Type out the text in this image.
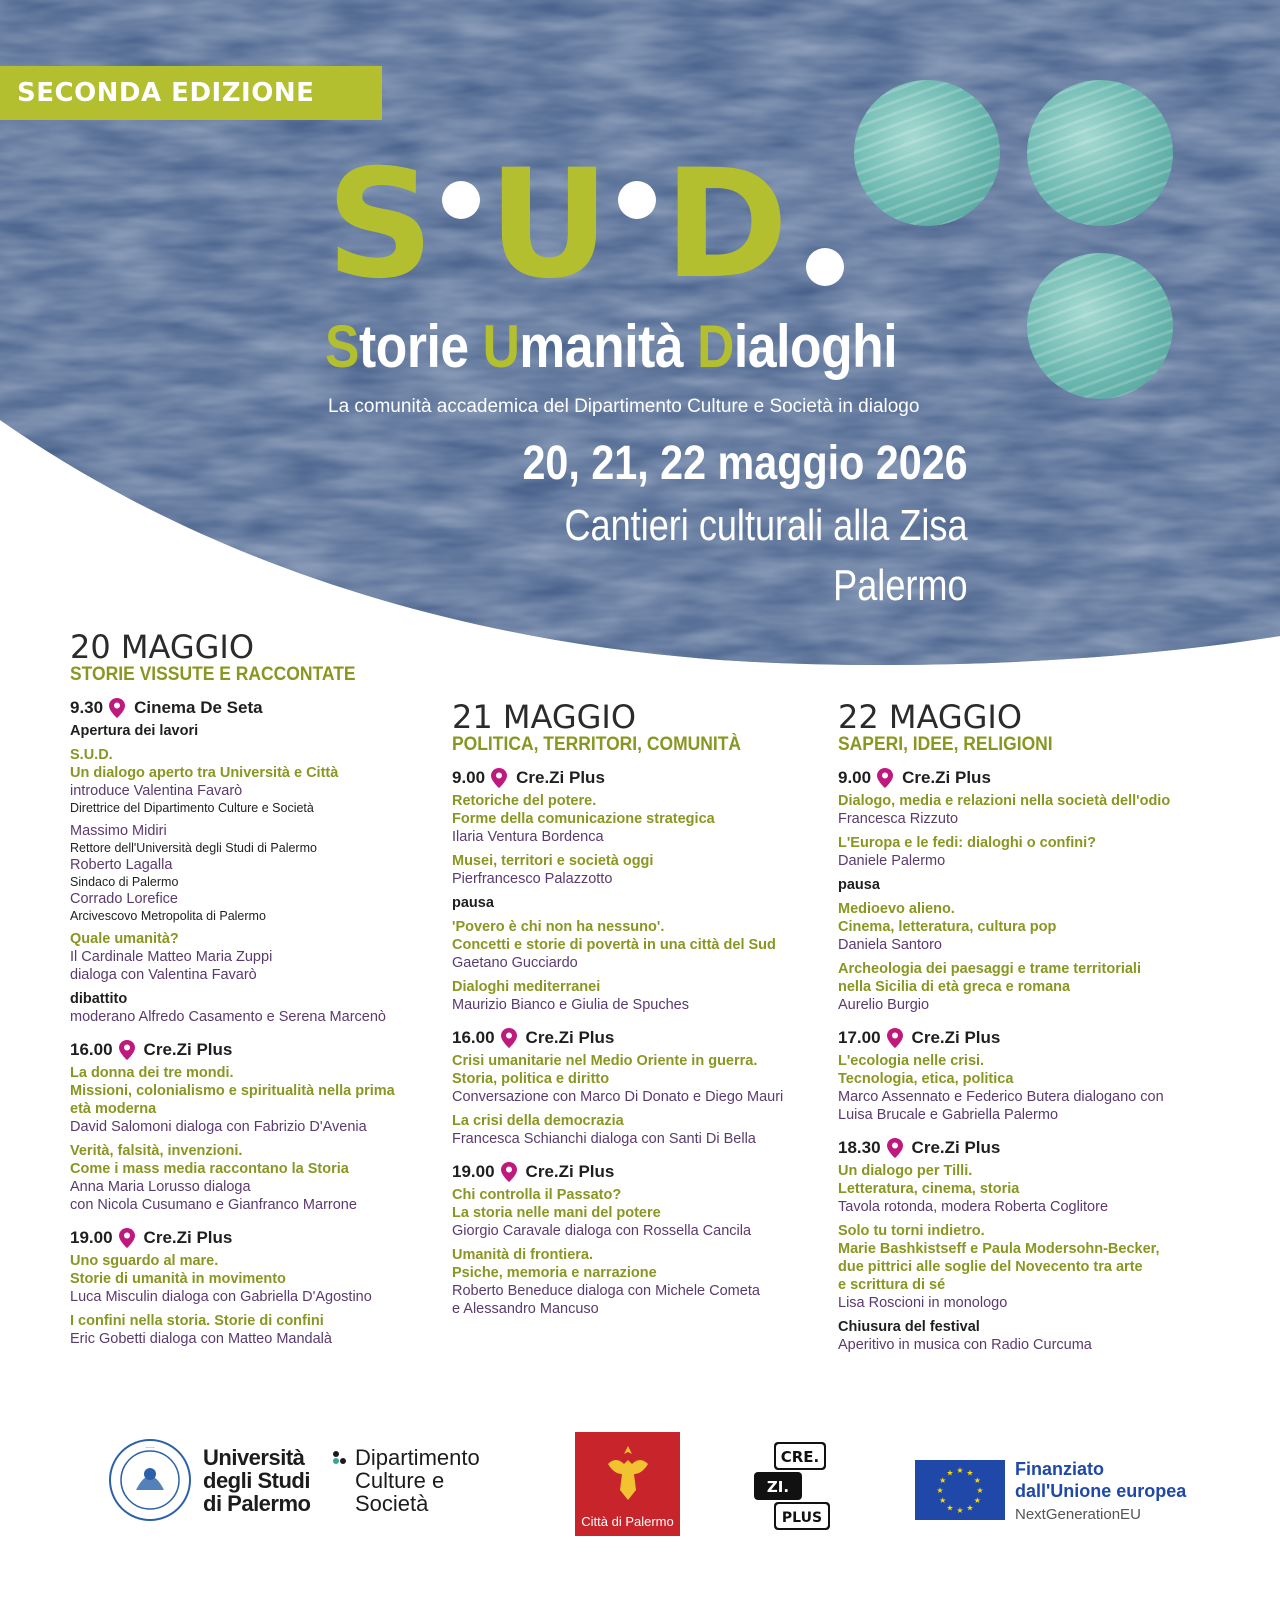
SECONDA EDIZIONE
S U D
Storie Umanità Dialoghi
La comunità accademica del Dipartimento Culture e Società in dialogo
20, 21, 22 maggio 2026
Cantieri culturali alla Zisa
Palermo
20 MAGGIO
STORIE VISSUTE E RACCONTATE
9.30 Cinema De Seta
Apertura dei lavori
S.U.D.
Un dialogo aperto tra Università e Città
introduce Valentina Favarò
Direttrice del Dipartimento Culture e Società
Massimo Midiri
Rettore dell'Università degli Studi di Palermo
Roberto Lagalla
Sindaco di Palermo
Corrado Lorefice
Arcivescovo Metropolita di Palermo
Quale umanità?
Il Cardinale Matteo Maria Zuppi
dialoga con Valentina Favarò
dibattito
moderano Alfredo Casamento e Serena Marcenò
16.00 Cre.Zi Plus
La donna dei tre mondi.
Missioni, colonialismo e spiritualità nella prima
età moderna
David Salomoni dialoga con Fabrizio D'Avenia
Verità, falsità, invenzioni.
Come i mass media raccontano la Storia
Anna Maria Lorusso dialoga
con Nicola Cusumano e Gianfranco Marrone
19.00 Cre.Zi Plus
Uno sguardo al mare.
Storie di umanità in movimento
Luca Misculin dialoga con Gabriella D'Agostino
I confini nella storia. Storie di confini
Eric Gobetti dialoga con Matteo Mandalà
21 MAGGIO
POLITICA, TERRITORI, COMUNITÀ
9.00 Cre.Zi Plus
Retoriche del potere.
Forme della comunicazione strategica
Ilaria Ventura Bordenca
Musei, territori e società oggi
Pierfrancesco Palazzotto
pausa
'Povero è chi non ha nessuno'.
Concetti e storie di povertà in una città del Sud
Gaetano Gucciardo
Dialoghi mediterranei
Maurizio Bianco e Giulia de Spuches
16.00 Cre.Zi Plus
Crisi umanitarie nel Medio Oriente in guerra.
Storia, politica e diritto
Conversazione con Marco Di Donato e Diego Mauri
La crisi della democrazia
Francesca Schianchi dialoga con Santi Di Bella
19.00 Cre.Zi Plus
Chi controlla il Passato?
La storia nelle mani del potere
Giorgio Caravale dialoga con Rossella Cancila
Umanità di frontiera.
Psiche, memoria e narrazione
Roberto Beneduce dialoga con Michele Cometa
e Alessandro Mancuso
22 MAGGIO
SAPERI, IDEE, RELIGIONI
9.00 Cre.Zi Plus
Dialogo, media e relazioni nella società dell'odio
Francesca Rizzuto
L'Europa e le fedi: dialoghi o confini?
Daniele Palermo
pausa
Medioevo alieno.
Cinema, letteratura, cultura pop
Daniela Santoro
Archeologia dei paesaggi e trame territoriali
nella Sicilia di età greca e romana
Aurelio Burgio
17.00 Cre.Zi Plus
L'ecologia nelle crisi.
Tecnologia, etica, politica
Marco Assennato e Federico Butera dialogano con
Luisa Brucale e Gabriella Palermo
18.30 Cre.Zi Plus
Un dialogo per Tilli.
Letteratura, cinema, storia
Tavola rotonda, modera Roberta Coglitore
Solo tu torni indietro.
Marie Bashkistseff e Paula Modersohn-Becker,
due pittrici alle soglie del Novecento tra arte
e scrittura di sé
Lisa Roscioni in monologo
Chiusura del festival
Aperitivo in musica con Radio Curcuma
····· Università
degli Studi
di Palermo
Dipartimento
Culture e
Società
Città di Palermo
CRE.
ZI.
PLUS
★
★
★
★
★
★
★
★
★ ★ ★
★
Finanziato
dall'Unione europea
NextGenerationEU
